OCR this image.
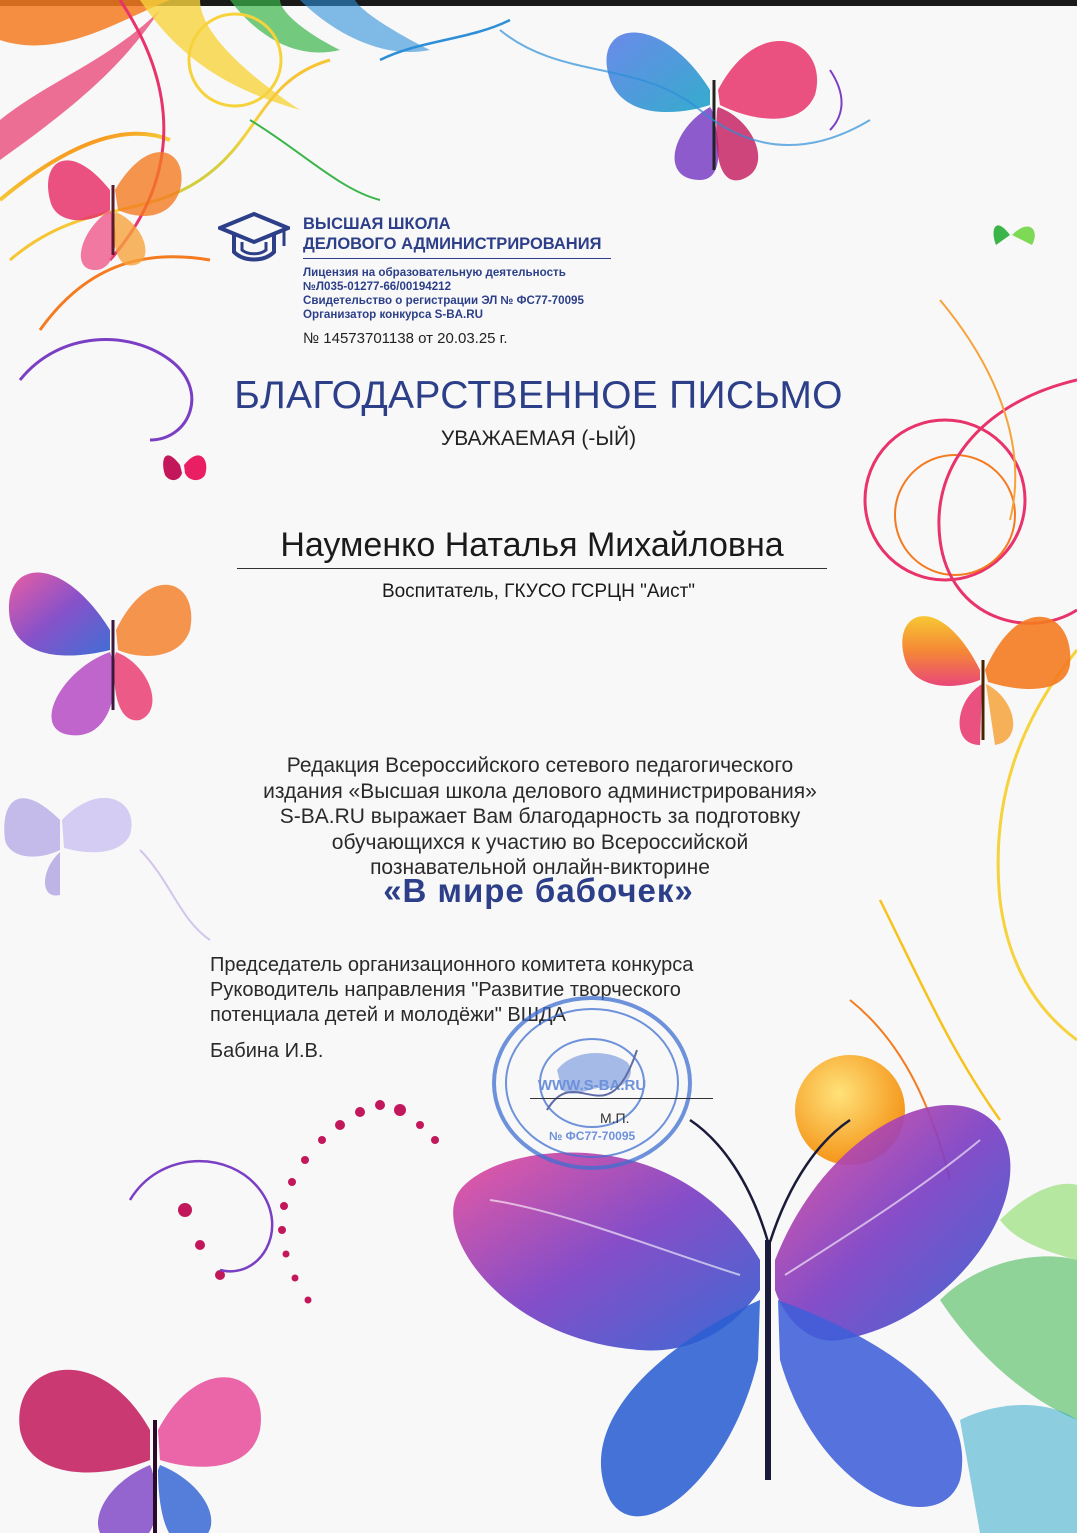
ВЫСШАЯ ШКОЛА
ДЕЛОВОГО АДМИНИСТРИРОВАНИЯ
Лицензия на образовательную деятельность
№Л035-01277-66/00194212
Свидетельство о регистрации ЭЛ № ФС77-70095
Организатор конкурса S-BA.RU
№ 14573701138 от 20.03.25 г.
БЛАГОДАРСТВЕННОЕ ПИСЬМО
УВАЖАЕМАЯ (-ЫЙ)
Науменко Наталья Михайловна
Воспитатель, ГКУСО ГСРЦН "Аист"
Редакция Всероссийского сетевого педагогического
издания «Высшая школа делового администрирования»
S-BA.RU выражает Вам благодарность за подготовку
обучающихся к участию во Всероссийской
познавательной онлайн-викторине
«В мире бабочек»
Председатель организационного комитета конкурса
Руководитель направления "Развитие творческого
потенциала детей и молодёжи" ВШДА
Бабина И.В.
WWW.S-BA.RU
№ ФС77-70095
М.П.
